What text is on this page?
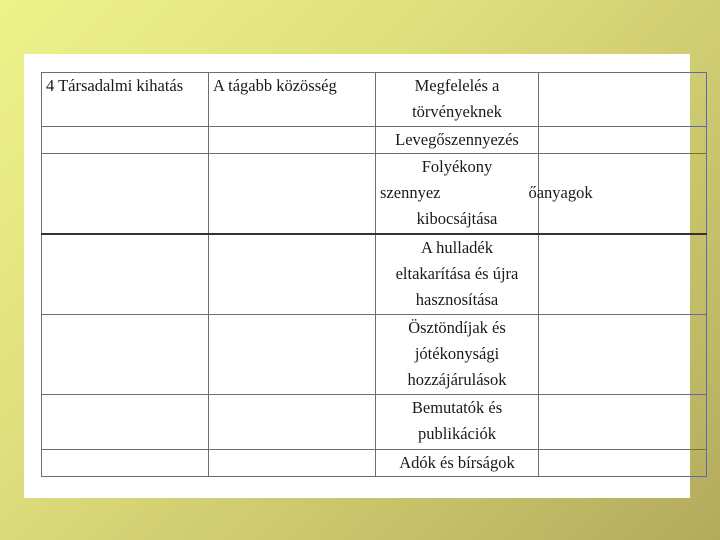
4 Társadalmi kihatás	A tágabb közösség	Megfelelés a
törvényeknek	
		Levegőszennyezés	
		Folyékony
szennyez őanyagok
kibocsájtása	
		A hulladék
eltakarítása és újra
hasznosítása	
		Ösztöndíjak és
jótékonysági
hozzájárulások	
		Bemutatók és
publikációk	
		Adók és bírságok	
